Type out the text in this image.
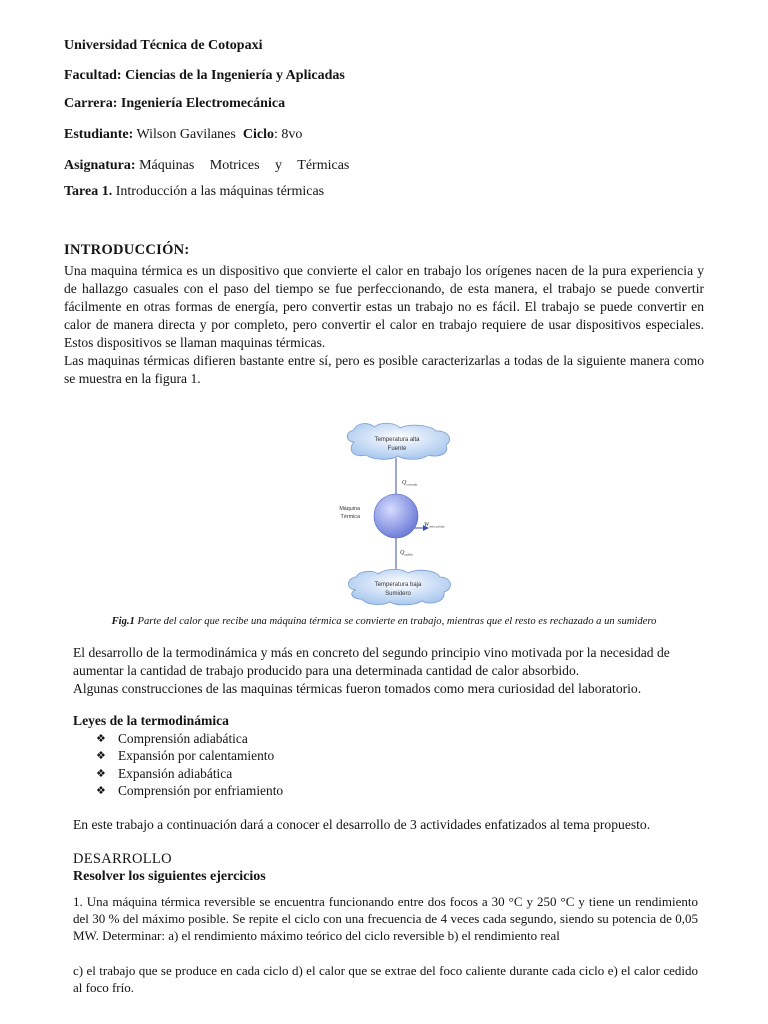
Universidad Técnica de Cotopaxi
Facultad: Ciencias de la Ingeniería y Aplicadas
Carrera: Ingeniería Electromecánica
Estudiante: Wilson Gavilanes Ciclo: 8vo
Asignatura: Máquinas Motrices y Térmicas
Tarea 1. Introducción a las máquinas térmicas
INTRODUCCIÓN:
Una maquina térmica es un dispositivo que convierte el calor en trabajo los orígenes nacen de la pura experiencia y de hallazgo casuales con el paso del tiempo se fue perfeccionando, de esta manera, el trabajo se puede convertir fácilmente en otras formas de energía, pero convertir estas un trabajo no es fácil. El trabajo se puede convertir en calor de manera directa y por completo, pero convertir el calor en trabajo requiere de usar dispositivos especiales. Estos dispositivos se llaman maquinas térmicas.
Las maquinas térmicas difieren bastante entre sí, pero es posible caracterizarlas a todas de la siguiente manera como se muestra en la figura 1.
Temperatura alta
Fuente
Máquina
Térmica
$Q_{entrada}$
$W_{neto,salida}$
$Q_{salida}$
Temperatura baja
Sumidero
Fig.1 Parte del calor que recibe una máquina térmica se convierte en trabajo, mientras que el resto es rechazado a un sumidero
El desarrollo de la termodinámica y más en concreto del segundo principio vino motivada por la necesidad de aumentar la cantidad de trabajo producido para una determinada cantidad de calor absorbido.
Algunas construcciones de las maquinas térmicas fueron tomados como mera curiosidad del laboratorio.
Leyes de la termodinámica
❖ Comprensión adiabática
❖ Expansión por calentamiento
❖ Expansión adiabática
❖ Comprensión por enfriamiento
En este trabajo a continuación dará a conocer el desarrollo de 3 actividades enfatizados al tema propuesto.
DESARROLLO
Resolver los siguientes ejercicios
1. Una máquina térmica reversible se encuentra funcionando entre dos focos a 30 °C y 250 °C y tiene un rendimiento del 30 % del máximo posible. Se repite el ciclo con una frecuencia de 4 veces cada segundo, siendo su potencia de 0,05 MW. Determinar: a) el rendimiento máximo teórico del ciclo reversible b) el rendimiento real
c) el trabajo que se produce en cada ciclo d) el calor que se extrae del foco caliente durante cada ciclo e) el calor cedido al foco frío.
